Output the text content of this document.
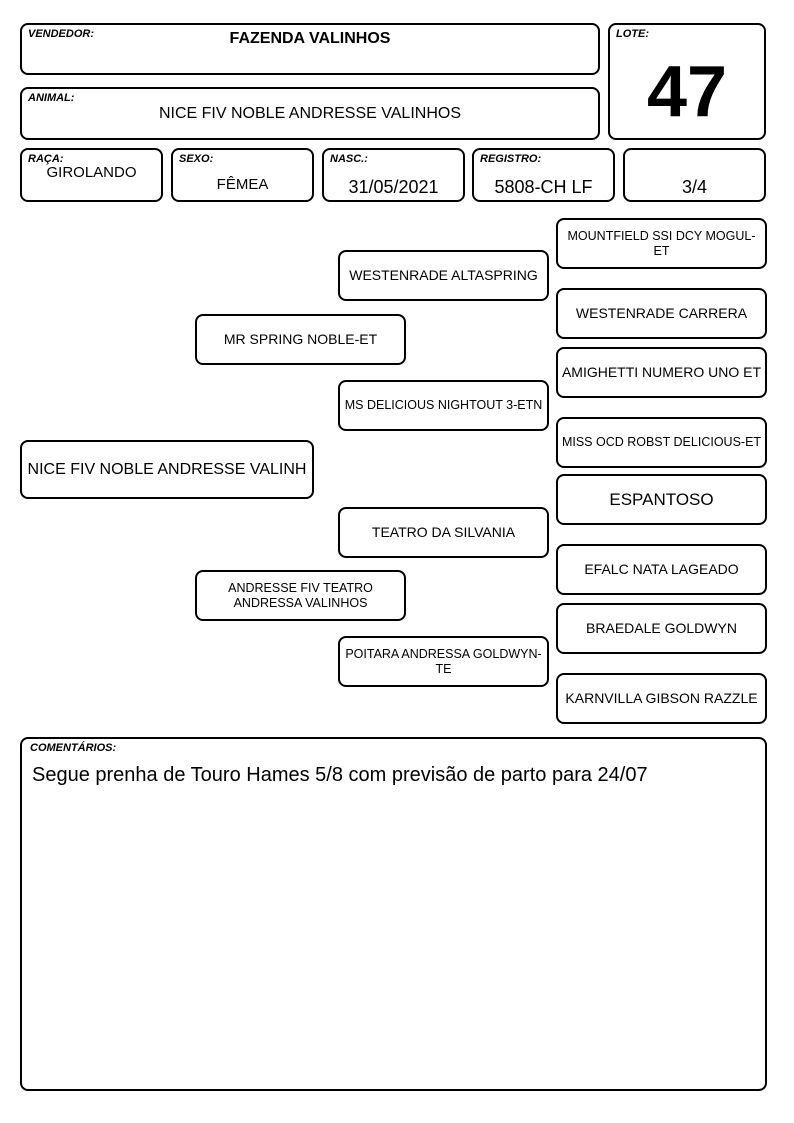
VENDEDOR:	FAZENDA VALINHOS	LOTE:
47
ANIMAL:
NICE FIV NOBLE ANDRESSE VALINHOS
RAÇA:
GIROLANDO
SEXO:
FÊMEA
NASC.:
31/05/2021
REGISTRO:
5808-CH LF	3/4
NICE FIV NOBLE ANDRESSE VALINH
MR SPRING NOBLE-ET
ANDRESSE FIV TEATRO ANDRESSA VALINHOS
WESTENRADE ALTASPRING
MS DELICIOUS NIGHTOUT 3-ETN
TEATRO DA SILVANIA
POITARA ANDRESSA GOLDWYN-TE
MOUNTFIELD SSI DCY MOGUL-ET
WESTENRADE CARRERA
AMIGHETTI NUMERO UNO ET
MISS OCD ROBST DELICIOUS-ET
ESPANTOSO
EFALC NATA LAGEADO
BRAEDALE GOLDWYN
KARNVILLA GIBSON RAZZLE
COMENTÁRIOS:
Segue prenha de Touro Hames 5/8 com previsão de parto para 24/07
